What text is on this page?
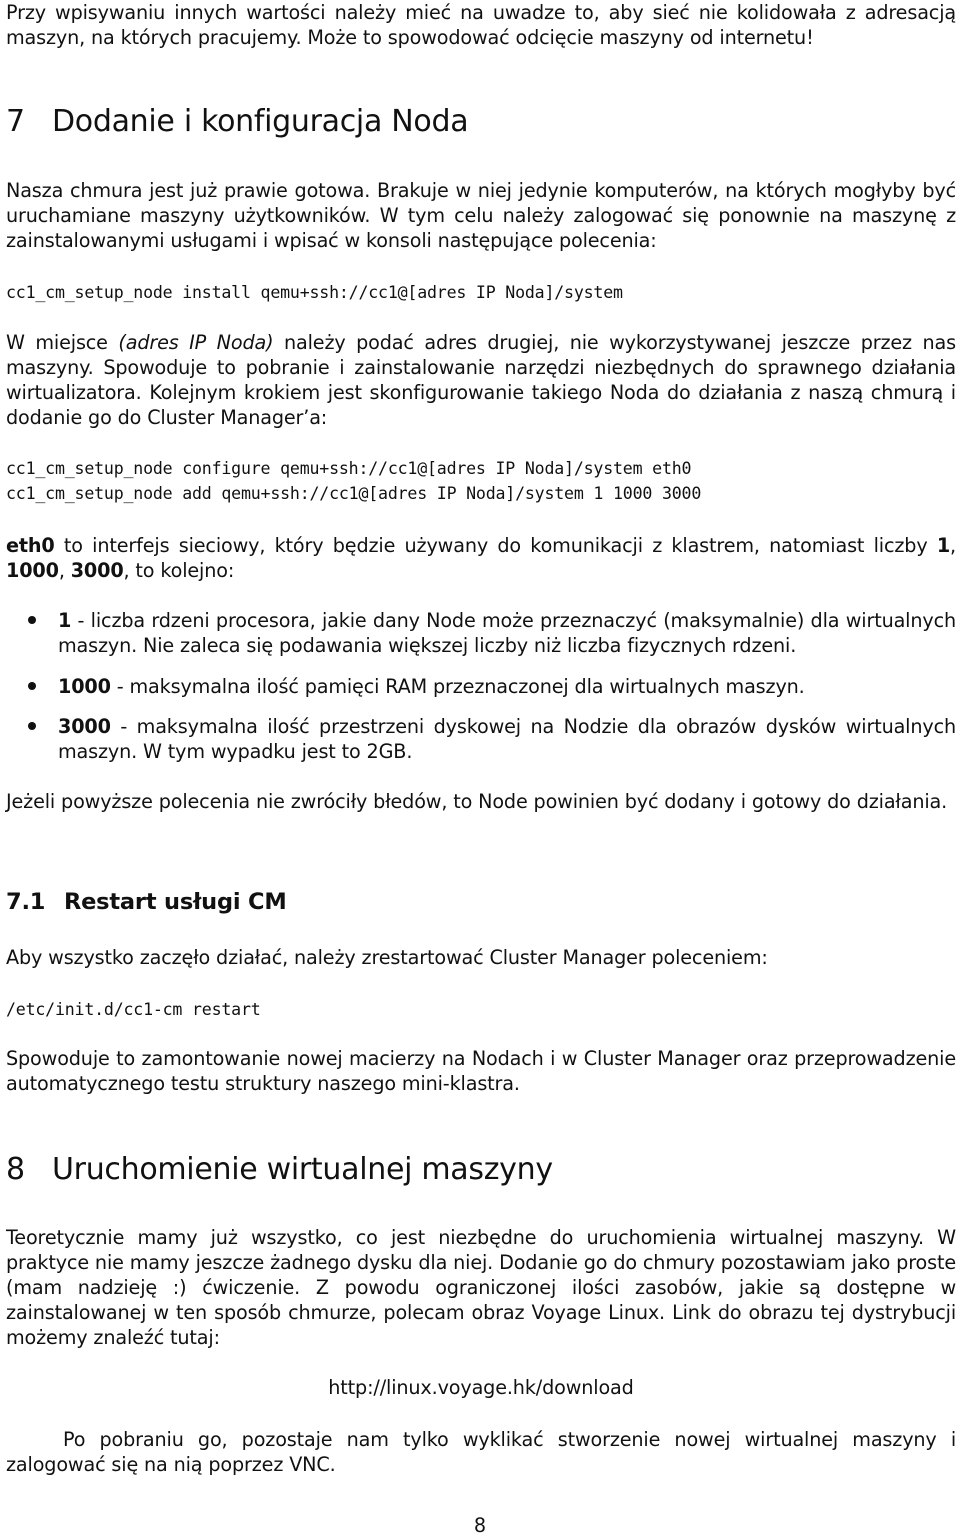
Przy wpisywaniu innych wartości należy mieć na uwadze to, aby sieć nie kolidowała z adresacją maszyn, na których pracujemy. Może to spowodować odcięcie maszyny od internetu!

7 Dodanie i konfiguracja Noda

Nasza chmura jest już prawie gotowa. Brakuje w niej jedynie komputerów, na których mogłyby być uruchamiane maszyny użytkowników. W tym celu należy zalogować się ponownie na maszynę z zainstalowanymi usługami i wpisać w konsoli następujące polecenia:

cc1_cm_setup_node install qemu+ssh://cc1@[adres IP Noda]/system

W miejsce (adres IP Noda) należy podać adres drugiej, nie wykorzystywanej jeszcze przez nas maszyny. Spowoduje to pobranie i zainstalowanie narzędzi niezbędnych do sprawnego działania wirtualizatora. Kolejnym krokiem jest skonfigurowanie takiego Noda do działania z naszą chmurą i dodanie go do Cluster Manager’a:

cc1_cm_setup_node configure qemu+ssh://cc1@[adres IP Noda]/system eth0
cc1_cm_setup_node add qemu+ssh://cc1@[adres IP Noda]/system 1 1000 3000

eth0 to interfejs sieciowy, który będzie używany do komunikacji z klastrem, natomiast liczby 1, 1000, 3000, to kolejno:

1 - liczba rdzeni procesora, jakie dany Node może przeznaczyć (maksymalnie) dla wirtualnych maszyn. Nie zaleca się podawania większej liczby niż liczba fizycznych rdzeni.
1000 - maksymalna ilość pamięci RAM przeznaczonej dla wirtualnych maszyn.
3000 - maksymalna ilość przestrzeni dyskowej na Nodzie dla obrazów dysków wirtualnych maszyn. W tym wypadku jest to 2GB.

Jeżeli powyższe polecenia nie zwróciły błedów, to Node powinien być dodany i gotowy do działania.

7.1 Restart usługi CM

Aby wszystko zaczęło działać, należy zrestartować Cluster Manager poleceniem:

/etc/init.d/cc1-cm restart

Spowoduje to zamontowanie nowej macierzy na Nodach i w Cluster Manager oraz przeprowadzenie automatycznego testu struktury naszego mini-klastra.

8 Uruchomienie wirtualnej maszyny

Teoretycznie mamy już wszystko, co jest niezbędne do uruchomienia wirtualnej maszyny. W praktyce nie mamy jeszcze żadnego dysku dla niej. Dodanie go do chmury pozostawiam jako proste (mam nadzieję :) ćwiczenie. Z powodu ograniczonej ilości zasobów, jakie są dostępne w zainstalowanej w ten sposób chmurze, polecam obraz Voyage Linux. Link do obrazu tej dystrybucji możemy znaleźć tutaj:

http://linux.voyage.hk/download

Po pobraniu go, pozostaje nam tylko wyklikać stworzenie nowej wirtualnej maszyny i zalogować się na nią poprzez VNC.

8
